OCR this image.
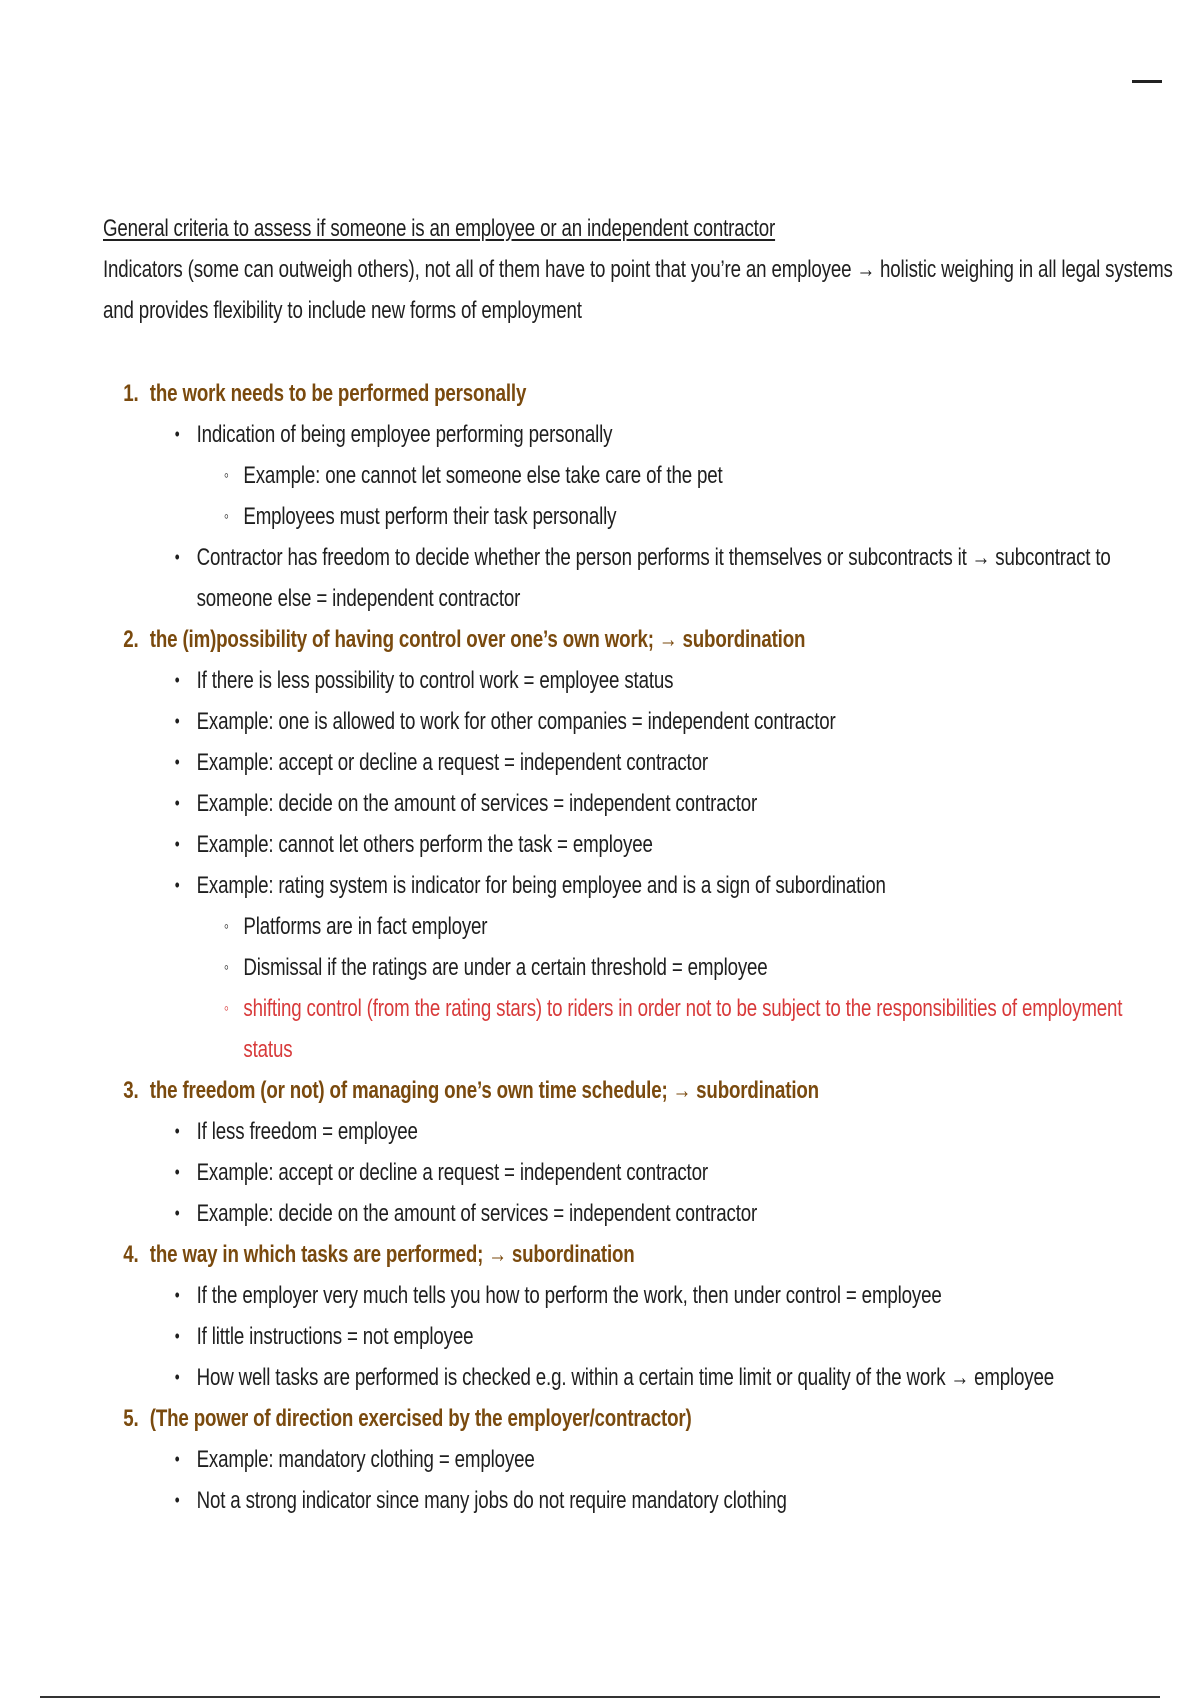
General criteria to assess if someone is an employee or an independent contractor
Indicators (some can outweigh others), not all of them have to point that you’re an employee → holistic weighing in all legal systems
and provides flexibility to include new forms of employment
1. the work needs to be performed personally
• Indication of being employee performing personally
◦ Example: one cannot let someone else take care of the pet
◦ Employees must perform their task personally
• Contractor has freedom to decide whether the person performs it themselves or subcontracts it → subcontract to
someone else = independent contractor
2. the (im)possibility of having control over one’s own work; → subordination
• If there is less possibility to control work = employee status
• Example: one is allowed to work for other companies = independent contractor
• Example: accept or decline a request = independent contractor
• Example: decide on the amount of services = independent contractor
• Example: cannot let others perform the task = employee
• Example: rating system is indicator for being employee and is a sign of subordination
◦ Platforms are in fact employer
◦ Dismissal if the ratings are under a certain threshold = employee
◦ shifting control (from the rating stars) to riders in order not to be subject to the responsibilities of employment
status
3. the freedom (or not) of managing one’s own time schedule; → subordination
• If less freedom = employee
• Example: accept or decline a request = independent contractor
• Example: decide on the amount of services = independent contractor
4. the way in which tasks are performed; → subordination
• If the employer very much tells you how to perform the work, then under control = employee
• If little instructions = not employee
• How well tasks are performed is checked e.g. within a certain time limit or quality of the work → employee
5. (The power of direction exercised by the employer/contractor)
• Example: mandatory clothing = employee
• Not a strong indicator since many jobs do not require mandatory clothing
